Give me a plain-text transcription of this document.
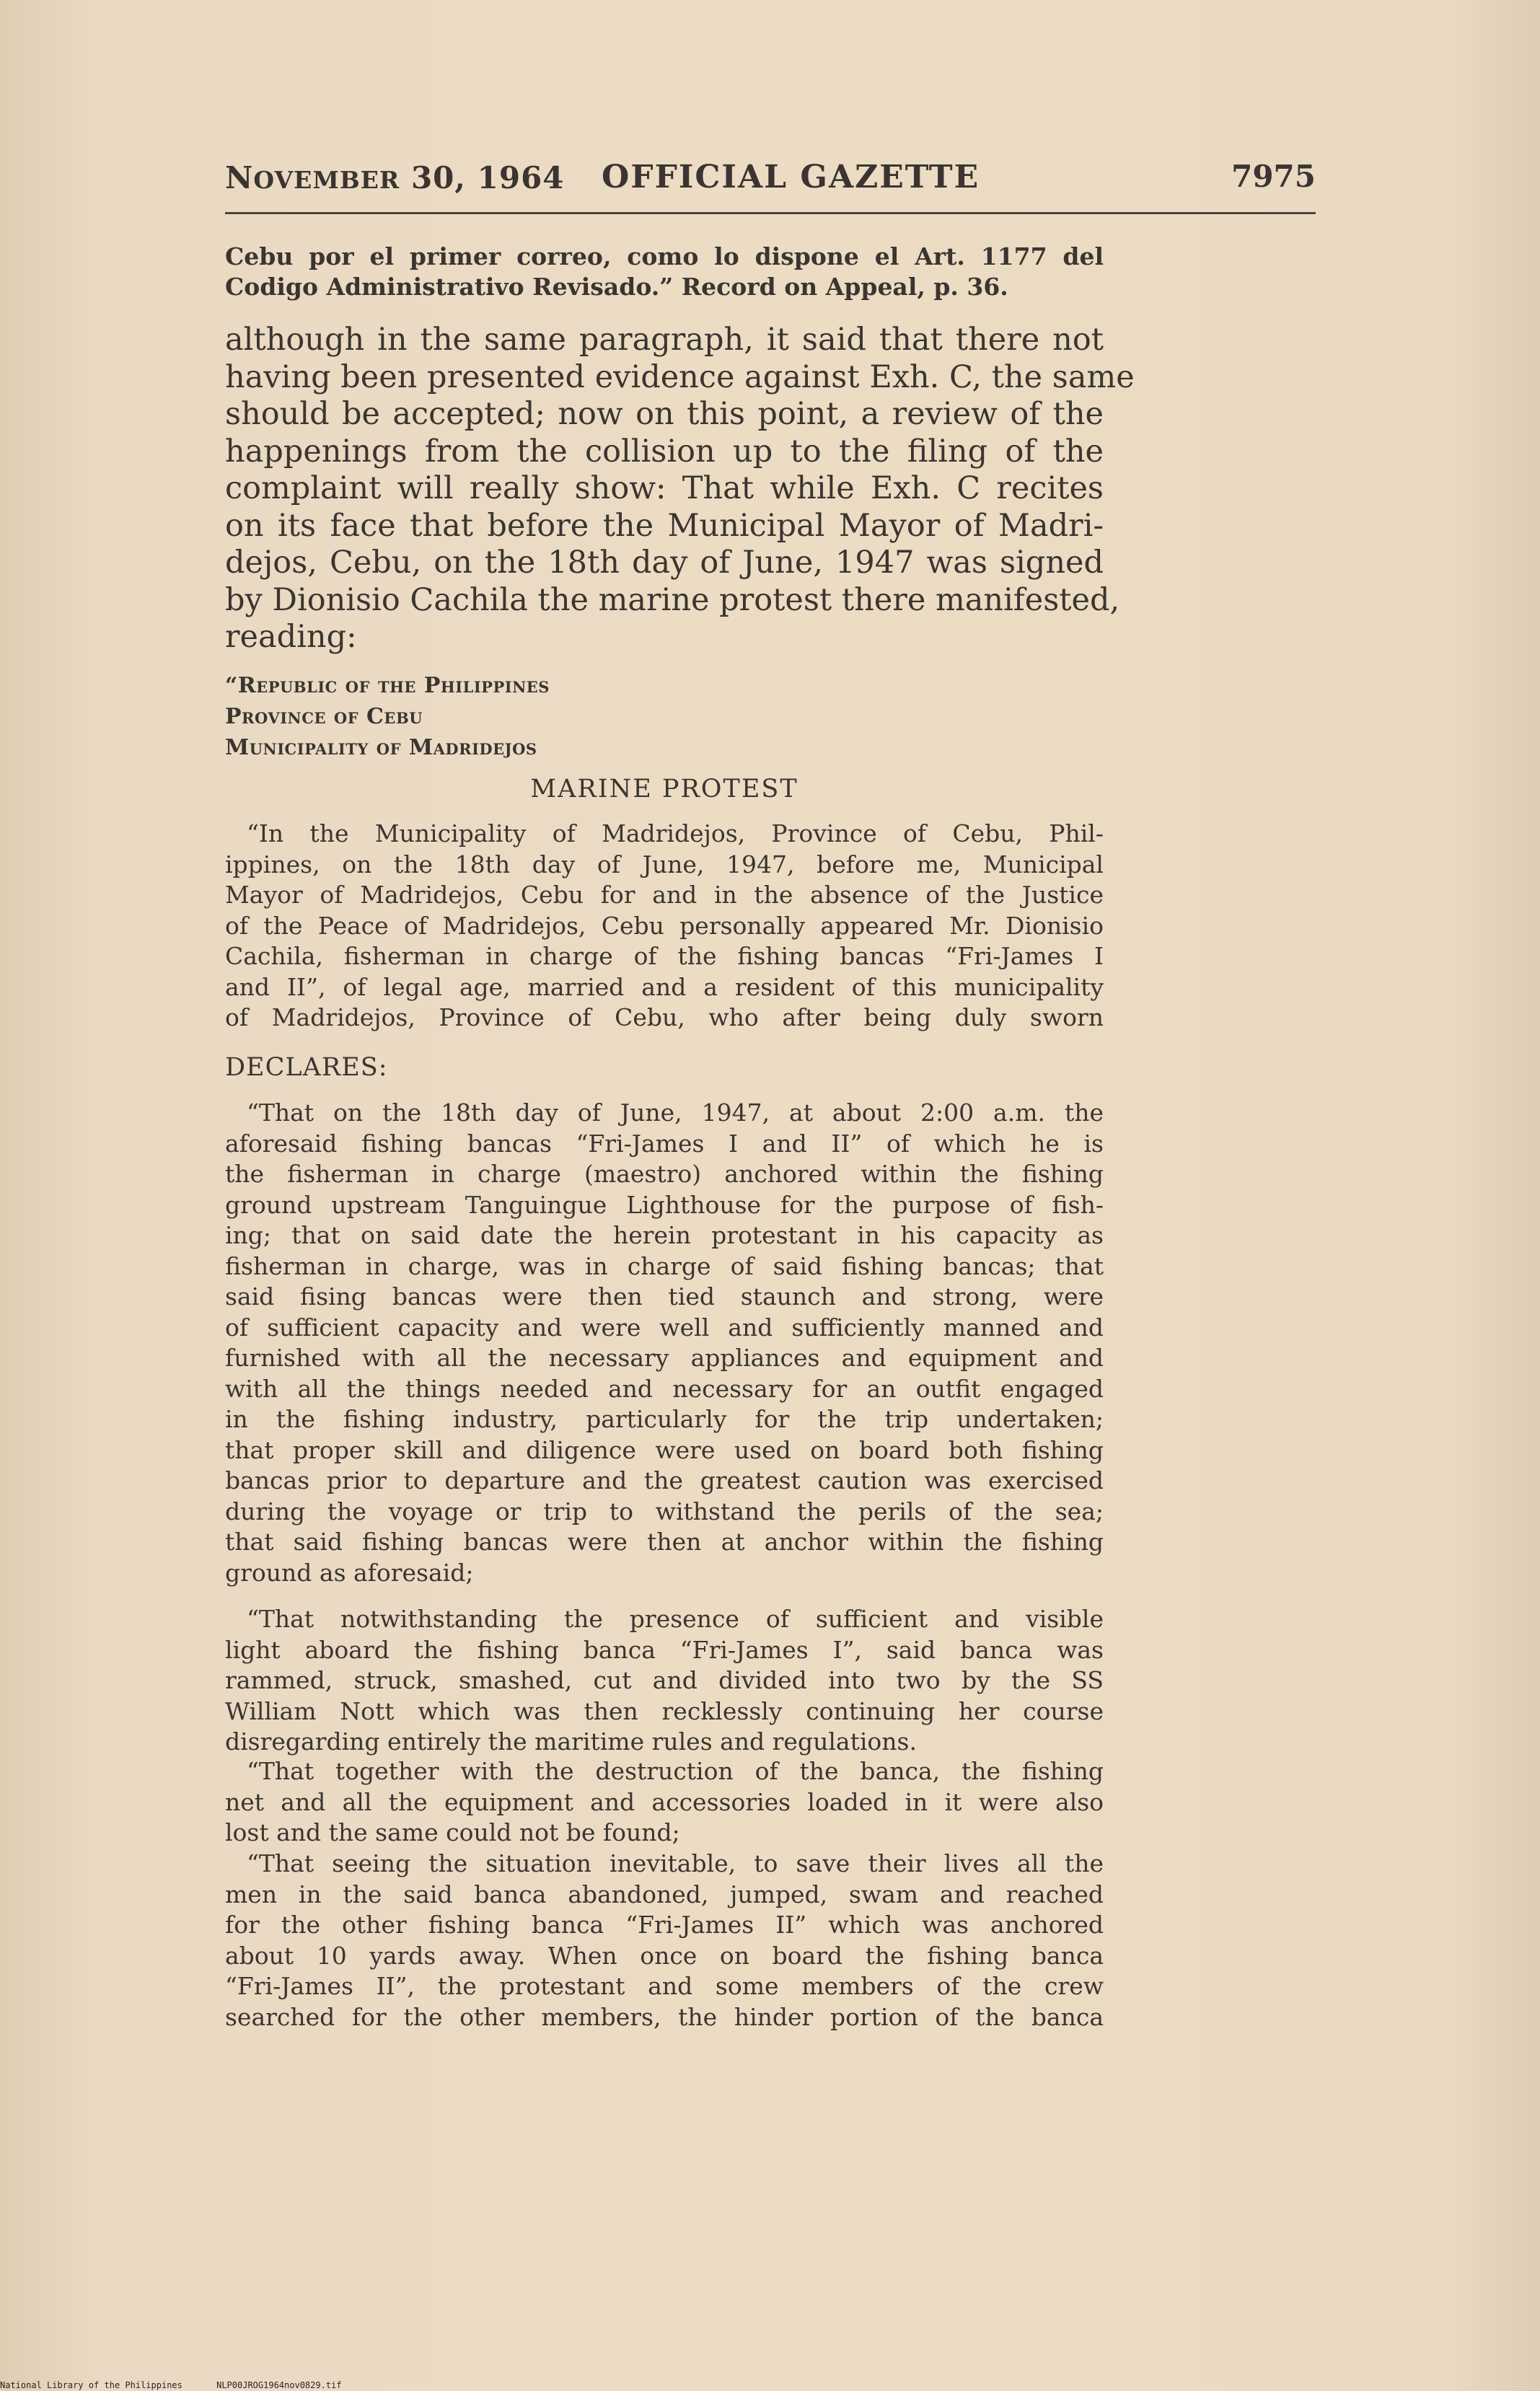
NOVEMBER 30, 1964 OFFICIAL GAZETTE	7975
Cebu por el primer correo, como lo dispone el Art. 1177 del
Codigo Administrativo Revisado.” Record on Appeal, p. 36.
although in the same paragraph, it said that there not
having been presented evidence against Exh. C, the same
should be accepted; now on this point, a review of the
happenings from the collision up to the filing of the
complaint will really show: That while Exh. C recites
on its face that before the Municipal Mayor of Madri-
dejos, Cebu, on the 18th day of June, 1947 was signed
by Dionisio Cachila the marine protest there manifested,
reading:
“Republic of the Philippines
Province of Cebu
Municipality of Madridejos
MARINE PROTEST
“In the Municipality of Madridejos, Province of Cebu, Phil-
ippines, on the 18th day of June, 1947, before me, Municipal
Mayor of Madridejos, Cebu for and in the absence of the Justice
of the Peace of Madridejos, Cebu personally appeared Mr. Dionisio
Cachila, fisherman in charge of the fishing bancas “Fri-James I
and II”, of legal age, married and a resident of this municipality
of Madridejos, Province of Cebu, who after being duly sworn
DECLARES:
“That on the 18th day of June, 1947, at about 2:00 a.m. the
aforesaid fishing bancas “Fri-James I and II” of which he is
the fisherman in charge (maestro) anchored within the fishing
ground upstream Tanguingue Lighthouse for the purpose of fish-
ing; that on said date the herein protestant in his capacity as
fisherman in charge, was in charge of said fishing bancas; that
said fising bancas were then tied staunch and strong, were
of sufficient capacity and were well and sufficiently manned and
furnished with all the necessary appliances and equipment and
with all the things needed and necessary for an outfit engaged
in the fishing industry, particularly for the trip undertaken;
that proper skill and diligence were used on board both fishing
bancas prior to departure and the greatest caution was exercised
during the voyage or trip to withstand the perils of the sea;
that said fishing bancas were then at anchor within the fishing
ground as aforesaid;
“That notwithstanding the presence of sufficient and visible
light aboard the fishing banca “Fri-James I”, said banca was
rammed, struck, smashed, cut and divided into two by the SS
William Nott which was then recklessly continuing her course
disregarding entirely the maritime rules and regulations.
“That together with the destruction of the banca, the fishing
net and all the equipment and accessories loaded in it were also
lost and the same could not be found;
“That seeing the situation inevitable, to save their lives all the
men in the said banca abandoned, jumped, swam and reached
for the other fishing banca “Fri-James II” which was anchored
about 10 yards away. When once on board the fishing banca
“Fri-James II”, the protestant and some members of the crew
searched for the other members, the hinder portion of the banca
National Library of the Philippines	NLP00JROG1964nov0829.tif
